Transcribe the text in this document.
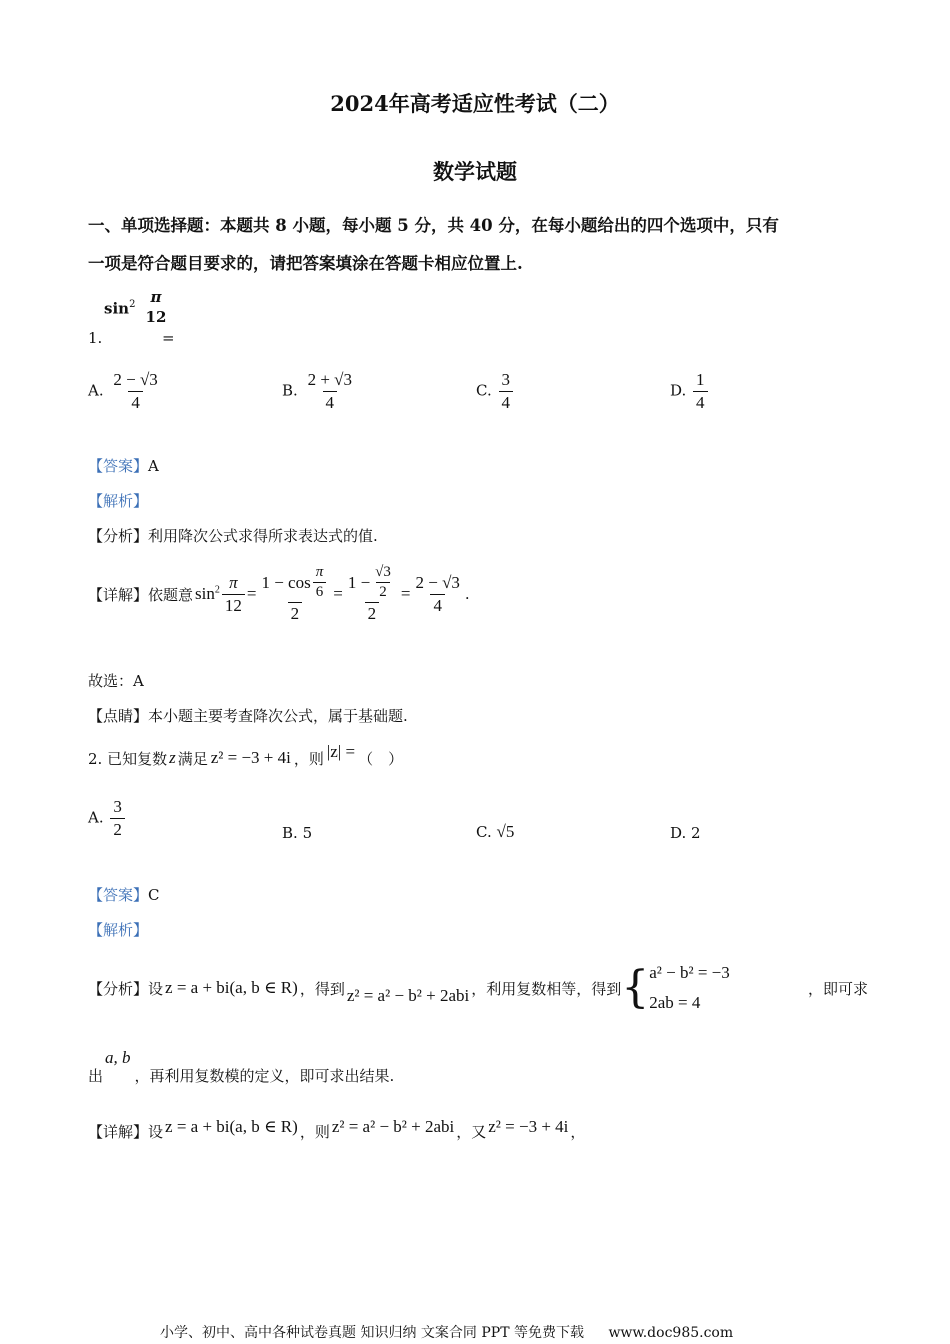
2024年高考适应性考试（二）
数学试题
一、单项选择题：本题共 8 小题，每小题 5 分，共 40 分，在每小题给出的四个选项中，只有
一项是符合题目要求的，请把答案填涂在答题卡相应位置上.
$\sin^2 \pi$
12
1.	=
A. $\frac{2 - √3}{4}$	B. $\frac{2 + √3}{4}$	C. $\frac{3}{4}$	D. $\frac{1}{4}$
【答案】A
【解析】
【分析】利用降次公式求得所求表达式的值.
【详解】 依题意 $\sin^2 \frac{\pi}{12} = \frac{1 - \cos \frac{\pi}{6}}{2} = \frac{1 - \frac{√3}{2}}{2} = \frac{2 - √3}{4}$ .
故选：A
【点睛】本小题主要考查降次公式，属于基础题.
2. 已知复数 z 满足 z² = −3 + 4i ，则 |z| = （　）
A. $\frac{3}{2}$	B. 5	C. √5	D. 2
【答案】C
【解析】
【分析】 设 z = a + bi(a, b ∈ R) ，得到 z² = a² − b² + 2abi ，利用复数相等，得到 { a² − b² = −3
2ab = 4
，即可求
出
a, b
，再利用复数模的定义，即可求出结果.
【详解】 设 z = a + bi(a, b ∈ R) ，则 z² = a² − b² + 2abi ，又 z² = −3 + 4i ，
小学、初中、高中各种试卷真题 知识归纳 文案合同 PPT 等免费下载 www.doc985.com
